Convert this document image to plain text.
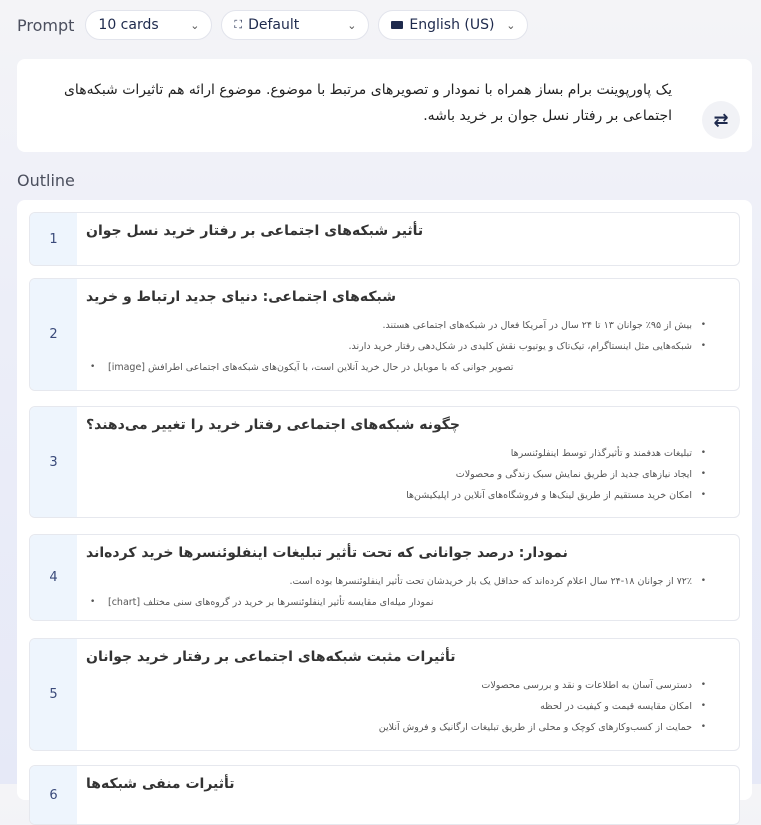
Prompt 10 cards	⌄	⛶ Default	⌄	English (US) ⌄
یک پاورپوینت برام بساز همراه با نمودار و تصویرهای مرتبط با موضوع. موضوع ارائه هم تاثیرات شبکه‌های اجتماعی بر رفتار نسل جوان بر خرید باشه. ⇄
Outline
1	تأثیر شبکه‌های اجتماعی بر رفتار خرید نسل جوان
2
شبکه‌های اجتماعی: دنیای جدید ارتباط و خرید
• بیش از ۹۵٪ جوانان ۱۳ تا ۲۴ سال در آمریکا فعال در شبکه‌های اجتماعی هستند.
• شبکه‌هایی مثل اینستاگرام، تیک‌تاک و یوتیوب نقش کلیدی در شکل‌دهی رفتار خرید دارند.
• [image] تصویر جوانی که با موبایل در حال خرید آنلاین است، با آیکون‌های شبکه‌های اجتماعی اطرافش
3
چگونه شبکه‌های اجتماعی رفتار خرید را تغییر می‌دهند؟
• تبلیغات هدفمند و تأثیرگذار توسط اینفلوئنسرها
• ایجاد نیازهای جدید از طریق نمایش سبک زندگی و محصولات
• امکان خرید مستقیم از طریق لینک‌ها و فروشگاه‌های آنلاین در اپلیکیشن‌ها
4
نمودار: درصد جوانانی که تحت تأثیر تبلیغات اینفلوئنسرها خرید کرده‌اند
• ۷۲٪ از جوانان ۱۸-۲۴ سال اعلام کرده‌اند که حداقل یک بار خریدشان تحت تأثیر اینفلوئنسرها بوده است.
• [chart] نمودار میله‌ای مقایسه تأثیر اینفلوئنسرها بر خرید در گروه‌های سنی مختلف
5
تأثیرات مثبت شبکه‌های اجتماعی بر رفتار خرید جوانان
• دسترسی آسان به اطلاعات و نقد و بررسی محصولات
• امکان مقایسه قیمت و کیفیت در لحظه
• حمایت از کسب‌وکارهای کوچک و محلی از طریق تبلیغات ارگانیک و فروش آنلاین
6
تأثیرات منفی شبکه‌ها
